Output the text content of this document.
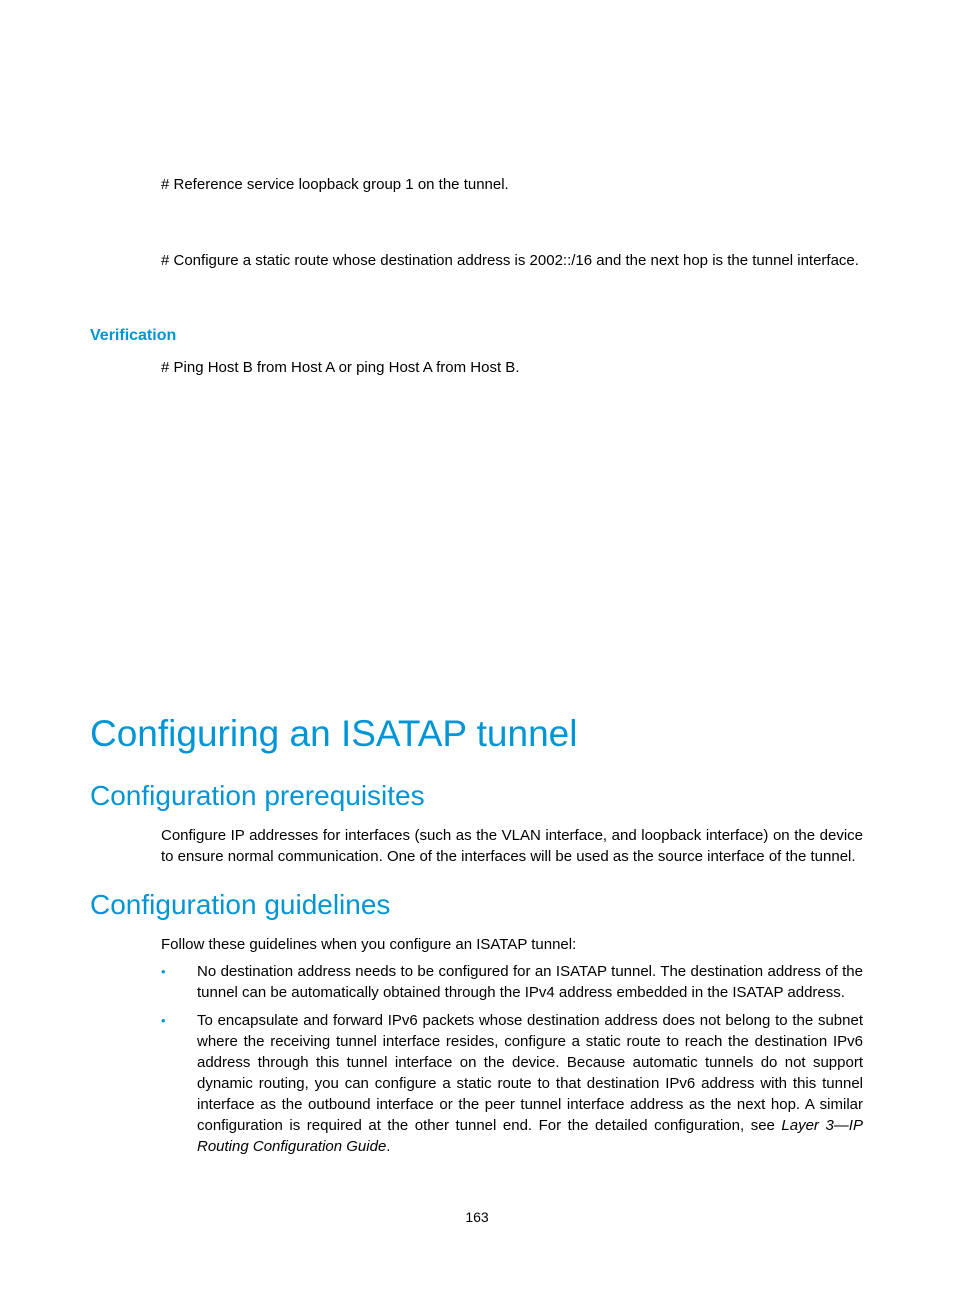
# Reference service loopback group 1 on the tunnel.

# Configure a static route whose destination address is 2002::/16 and the next hop is the tunnel interface.

Verification

# Ping Host B from Host A or ping Host A from Host B.

Configuring an ISATAP tunnel
Configuration prerequisites

Configure IP addresses for interfaces (such as the VLAN interface, and loopback interface) on the device to ensure normal communication. One of the interfaces will be used as the source interface of the tunnel.

Configuration guidelines

Follow these guidelines when you configure an ISATAP tunnel:

•	No destination address needs to be configured for an ISATAP tunnel. The destination address of the tunnel can be automatically obtained through the IPv4 address embedded in the ISATAP address.
•	To encapsulate and forward IPv6 packets whose destination address does not belong to the subnet where the receiving tunnel interface resides, configure a static route to reach the destination IPv6 address through this tunnel interface on the device. Because automatic tunnels do not support dynamic routing, you can configure a static route to that destination IPv6 address with this tunnel interface as the outbound interface or the peer tunnel interface address as the next hop. A similar configuration is required at the other tunnel end. For the detailed configuration, see Layer 3—IP Routing Configuration Guide.
163
